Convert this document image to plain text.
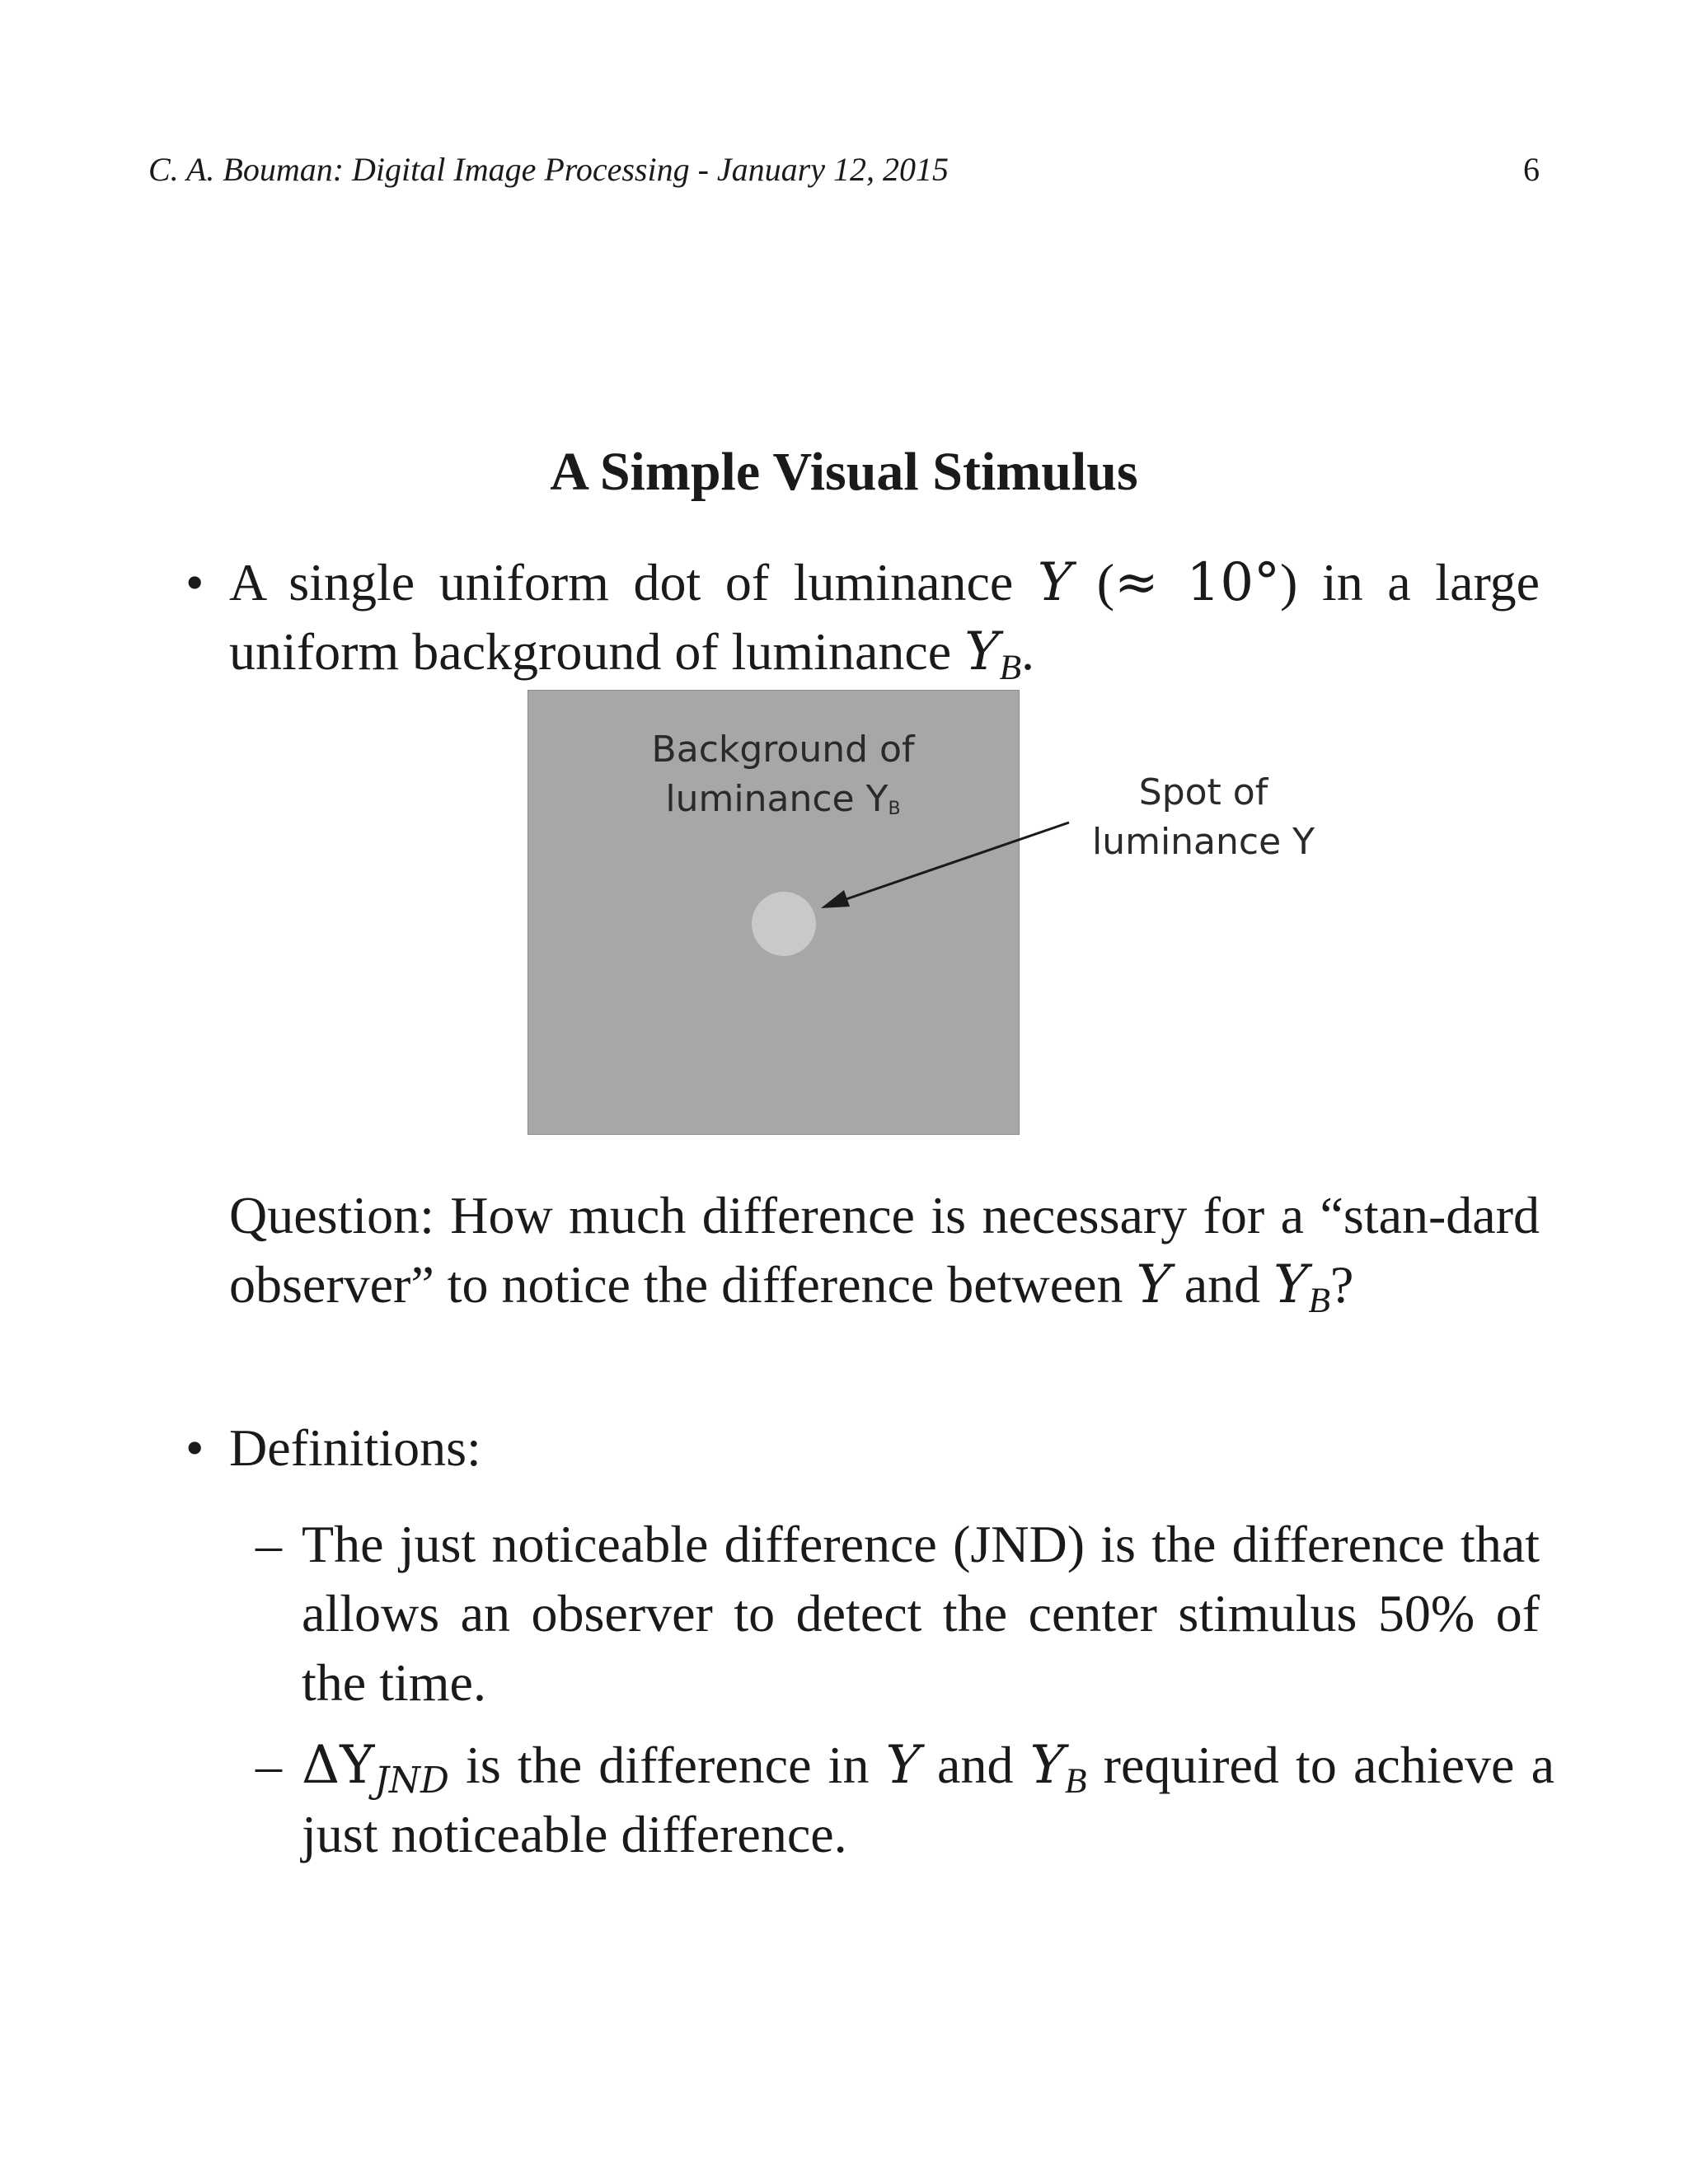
C. A. Bouman: Digital Image Processing - January 12, 2015	6
A Simple Visual Stimulus
• A single uniform dot of luminance Y (≈ 10°) in a large uniform background of luminance $Y_B$.
Background of
luminance $Y_B$	Spot of
luminance Y
Question: How much difference is necessary for a “stan-dard observer” to notice the difference between Y and $Y_B$?
• Definitions:
– The just noticeable difference (JND) is the difference that allows an observer to detect the center stimulus 50% of the time.
– $\Delta Y_{JND}$ is the difference in Y and $Y_B$ required to achieve a just noticeable difference.
